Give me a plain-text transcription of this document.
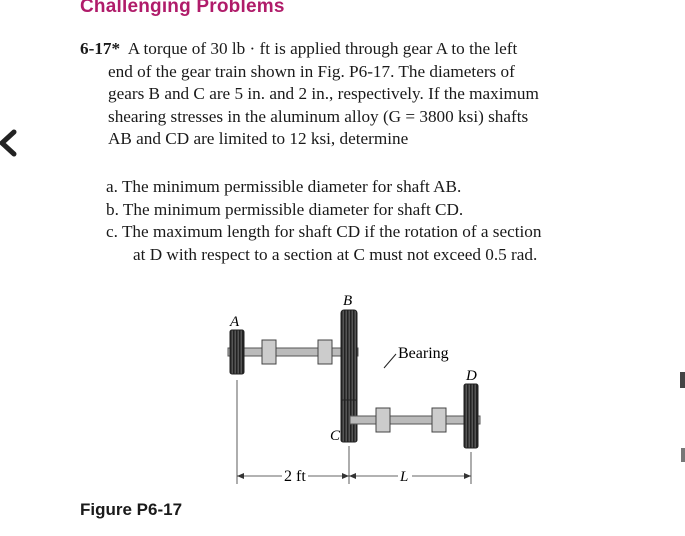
Challenging Problems
6-17* A torque of 30 lb · ft is applied through gear A to the left
end of the gear train shown in Fig. P6-17. The diameters of
gears B and C are 5 in. and 2 in., respectively. If the maximum
shearing stresses in the aluminum alloy (G = 3800 ksi) shafts
AB and CD are limited to 12 ksi, determine
a. The minimum permissible diameter for shaft AB.
b. The minimum permissible diameter for shaft CD.
c. The maximum length for shaft CD if the rotation of a section
at D with respect to a section at C must not exceed 0.5 rad.
A
B
C
D
Bearing
2 ft	L
Figure P6-17
